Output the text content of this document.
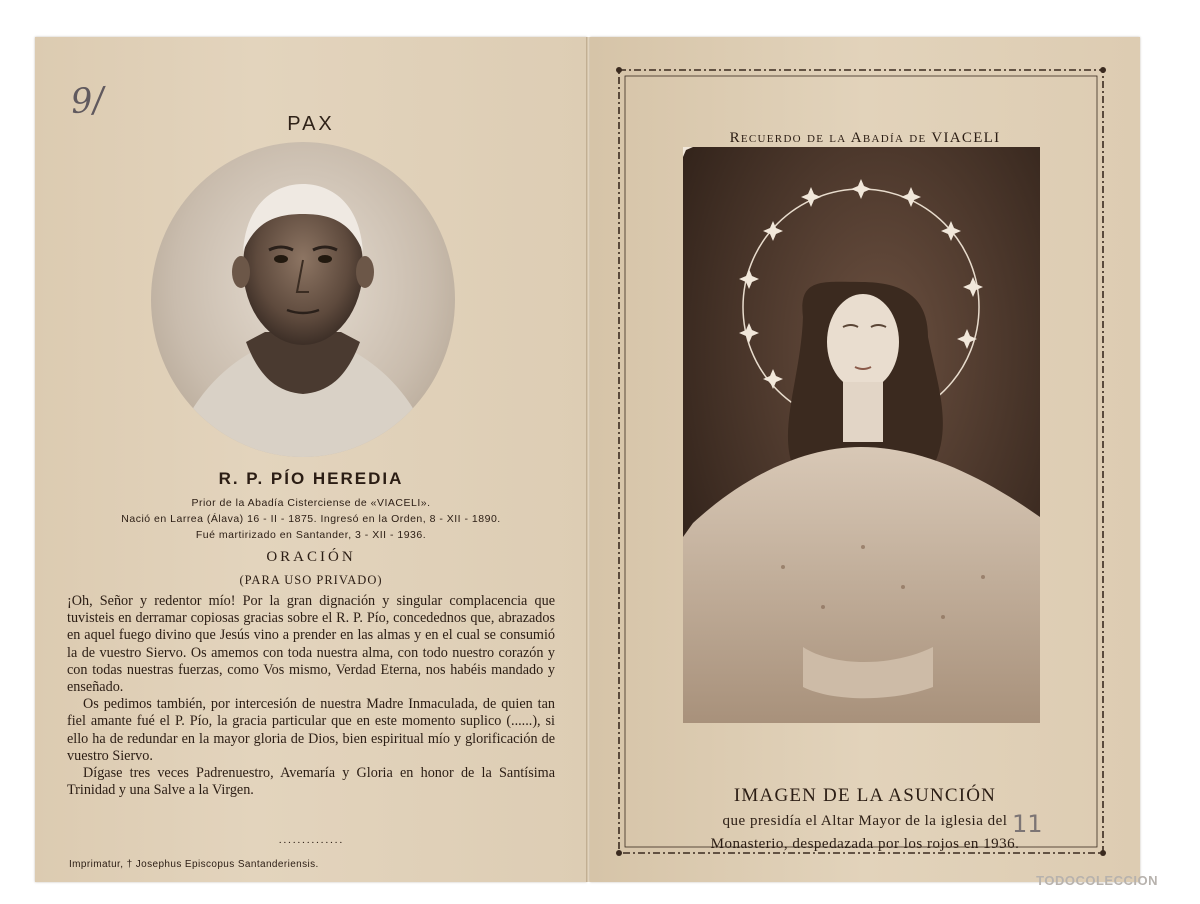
9/
PAX
R. P. PÍO HEREDIA
Prior de la Abadía Cisterciense de «VIACELI».
Nació en Larrea (Álava) 16 - II - 1875. Ingresó en la Orden, 8 - XII - 1890.
Fué martirizado en Santander, 3 - XII - 1936.
ORACIÓN
(PARA USO PRIVADO)

¡Oh, Señor y redentor mío! Por la gran dignación y singular complacencia que tuvisteis en derramar copiosas gracias sobre el R. P. Pío, concedednos que, abrazados en aquel fuego divino que Jesús vino a prender en las almas y en el cual se consumió la de vuestro Siervo. Os amemos con toda nuestra alma, con todo nuestro corazón y con todas nuestras fuerzas, como Vos mismo, Verdad Eterna, nos habéis mandado y enseñado.

Os pedimos también, por intercesión de nuestra Madre Inmaculada, de quien tan fiel amante fué el P. Pío, la gracia particular que en este momento suplico (......), si ello ha de redundar en la mayor gloria de Dios, bien espiritual mío y glorificación de vuestro Siervo.

Dígase tres veces Padrenuestro, Avemaría y Gloria en honor de la Santísima Trinidad y una Salve a la Virgen.

··············
Imprimatur, † Josephus Episcopus Santanderiensis.
Recuerdo de la Abadía de VIACELI
IMAGEN DE LA ASUNCIÓN
que presidía el Altar Mayor de la iglesia del
Monasterio, despedazada por los rojos en 1936.
11
TODOCOLECCION
